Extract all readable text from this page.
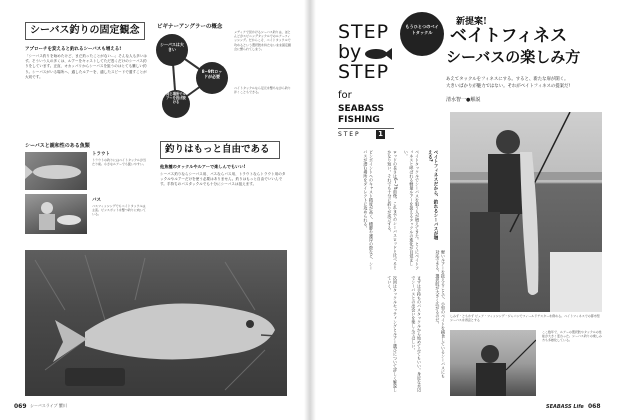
シーバス釣りの固定観念
アプローチを変えると釣れるシーバスも増える!
「シーバス釣りを始めたけど、まだ釣ったことがない…」そんな人も多いはず。そういう人の多くは、ルアーをキャストしてただ巻くだけのシーバス釣りをしています。正直、オカッパリからシーバスを狙うのはとても難しい釣り。シーバスがいる場所へ、適したルアーを、適したスピードで通すことが大切です。
ビギナーアングラーの概念
シーバスは大きい
8~9ftロッドが必要
同じ場所でルアーを投げ続ける
メディアで見かけるシーバス釣りは、ほとんどがスピニングタックルでのルアーフィッシング。だからこそ、ベイトタックルで攻めるという選択肢を持たないまま固定観念に縛られてしまう。
ベイトタックルなら足元を撃ちながら釣り歩くこともできる。
シーバスと親和性のある魚類
トラウト
トラウトの釣りにはベイトタックルが当たり前。小さなルアーでも扱いやすい。
バス
バスフィッシングでもベイトタックルは主流。ピンスポットを撃つ釣りに向いている。
釣りはもっと自由である
他魚種のタックルやルアーで楽しんでもいい!
シーバス釣りならシーバス用、バスならバス用、トラウトならトラウト用のタックルやルアーだけを使う必要はありません。釣りはもっと自由でいいんです。手持ちのバスタックルでも十分にシーバスは狙えます。
069 シーバスライブ 蟹川
STEP
by
STEP
for
SEABASS
FISHING
S T E P	1
もうひとつのベイトタックル
新提案!
ベイトフィネス
シーバスの楽しみ方
あえてタックルをフィネスにする。すると、新たな扉が開く。
大きいばかりが魅力ではない。それがベイトフィネスの提案だ!
清水智一●解説
ベイトフィネスだから、釣れるシーバスが増える?
ベイトタックルでシーバスを狙う人が増えてきた。とくにベイトフィネスと呼ばれる軽量ルアーを扱えるタックルの進化が目覚ましい。
ロッドの長さは6~7ft前後。これまでのシーバスロッドと比べるとかなり短い。それでも十分に釣りが成立する。
ピンポイントへのキャスト精度が高く、橋脚や護岸の際など、シーバスが潜む場所をダイレクトに攻められる。
軽いルアーを扱えることで、小型のベイトを捕食しているシーバスにも対応できる。選択肢が大きく広がるのだ。
まずは手持ちのバスタックルから始めてみてもいい。身近な水辺でシーバスとの出会いを楽しんでほしい。
次回はタックルセッティングとルアー選びについて詳しく解説していく。
しみず・ともかず ピュア・フィッシング・ジャパンでフィールドテスターを務める。ベイトフィネスでの都市型シーバスを得意とする
ここ数年で、ルアーの選択肢やタックルの性能が大きく変わった。シーバス釣りの楽しみ方も多様化している。
SEABASS Life 068
